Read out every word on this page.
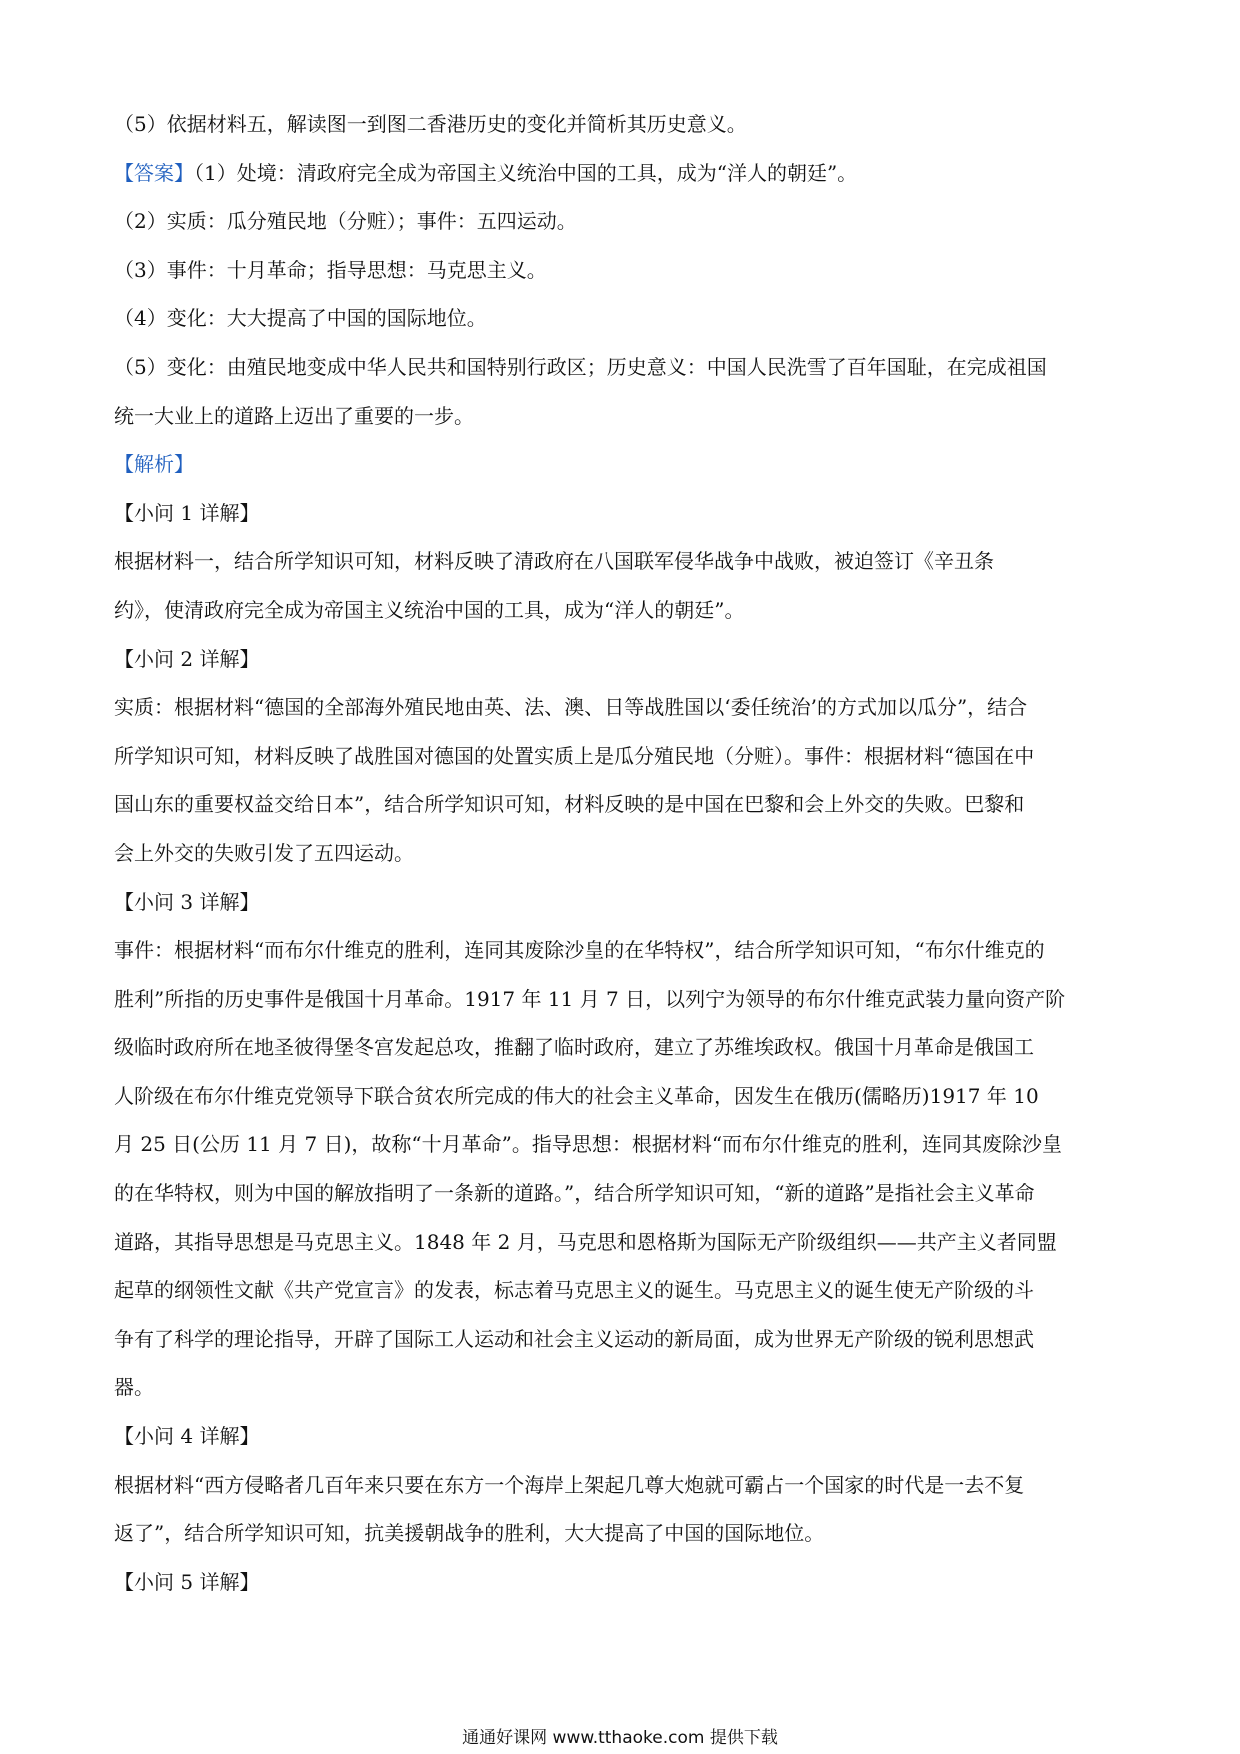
（5）依据材料五，解读图一到图二香港历史的变化并简析其历史意义。

【答案】（1）处境：清政府完全成为帝国主义统治中国的工具，成为“洋人的朝廷”。

（2）实质：瓜分殖民地（分赃）；事件：五四运动。

（3）事件：十月革命；指导思想：马克思主义。

（4）变化：大大提高了中国的国际地位。

（5）变化：由殖民地变成中华人民共和国特别行政区；历史意义：中国人民洗雪了百年国耻，在完成祖国

统一大业上的道路上迈出了重要的一步。

【解析】

【小问 1 详解】

根据材料一，结合所学知识可知，材料反映了清政府在八国联军侵华战争中战败，被迫签订《辛丑条

约》，使清政府完全成为帝国主义统治中国的工具，成为“洋人的朝廷”。

【小问 2 详解】

实质：根据材料“德国的全部海外殖民地由英、法、澳、日等战胜国以‘委任统治’的方式加以瓜分”，结合

所学知识可知，材料反映了战胜国对德国的处置实质上是瓜分殖民地（分赃）。事件：根据材料“德国在中

国山东的重要权益交给日本”，结合所学知识可知，材料反映的是中国在巴黎和会上外交的失败。巴黎和

会上外交的失败引发了五四运动。

【小问 3 详解】

事件：根据材料“而布尔什维克的胜利，连同其废除沙皇的在华特权”，结合所学知识可知，“布尔什维克的

胜利”所指的历史事件是俄国十月革命。1917 年 11 月 7 日，以列宁为领导的布尔什维克武装力量向资产阶

级临时政府所在地圣彼得堡冬宫发起总攻，推翻了临时政府，建立了苏维埃政权。俄国十月革命是俄国工

人阶级在布尔什维克党领导下联合贫农所完成的伟大的社会主义革命，因发生在俄历(儒略历)1917 年 10

月 25 日(公历 11 月 7 日)，故称“十月革命”。指导思想：根据材料“而布尔什维克的胜利，连同其废除沙皇

的在华特权，则为中国的解放指明了一条新的道路。”，结合所学知识可知，“新的道路”是指社会主义革命

道路，其指导思想是马克思主义。1848 年 2 月，马克思和恩格斯为国际无产阶级组织——共产主义者同盟

起草的纲领性文献《共产党宣言》的发表，标志着马克思主义的诞生。马克思主义的诞生使无产阶级的斗

争有了科学的理论指导，开辟了国际工人运动和社会主义运动的新局面，成为世界无产阶级的锐利思想武

器。

【小问 4 详解】

根据材料“西方侵略者几百年来只要在东方一个海岸上架起几尊大炮就可霸占一个国家的时代是一去不复

返了”，结合所学知识可知，抗美援朝战争的胜利，大大提高了中国的国际地位。

【小问 5 详解】

通通好课网 www.tthaoke.com 提供下载
